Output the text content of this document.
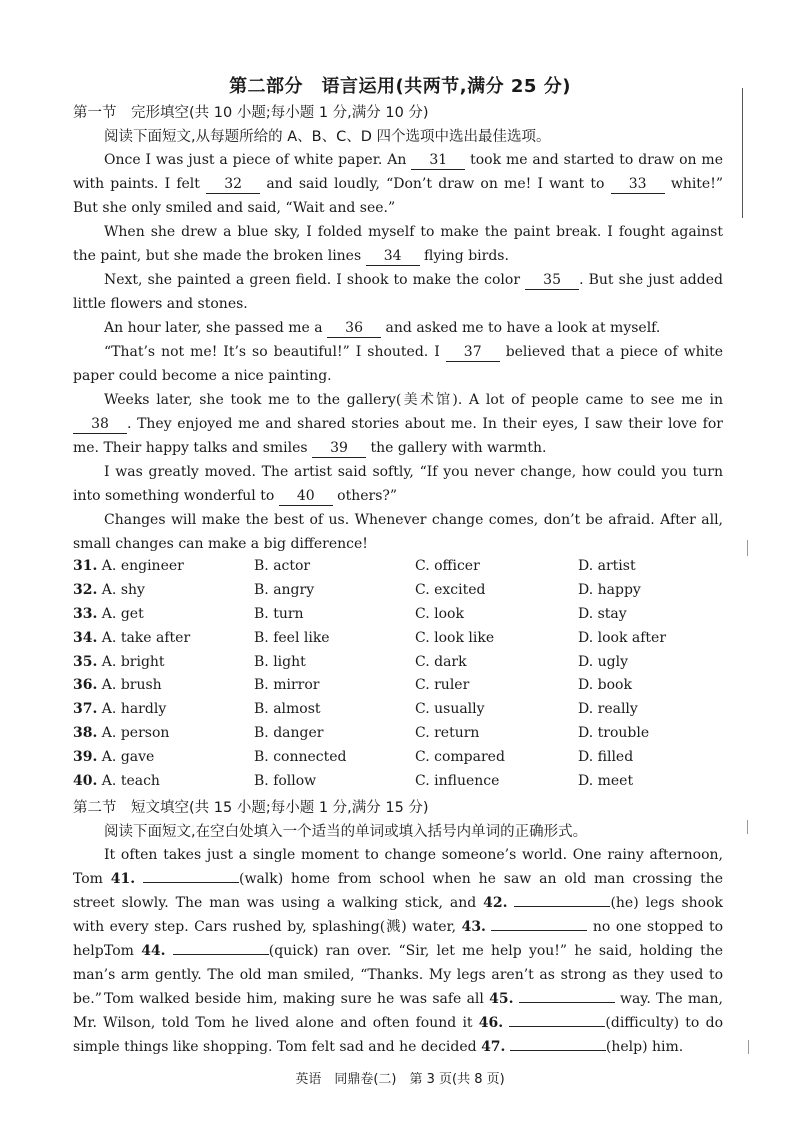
第二部分　语言运用(共两节,满分 25 分)
第一节　完形填空(共 10 小题;每小题 1 分,满分 10 分)
阅读下面短文,从每题所给的 A、B、C、D 四个选项中选出最佳选项。
Once I was just a piece of white paper. An 31 took me and started to draw on me with paints. I felt 32 and said loudly, “Don’t draw on me! I want to 33 white!” But she only smiled and said, “Wait and see.”
When she drew a blue sky, I folded myself to make the paint break. I fought against the paint, but she made the broken lines 34 flying birds.
Next, she painted a green field. I shook to make the color 35 . But she just added little flowers and stones.
An hour later, she passed me a 36 and asked me to have a look at myself.
“That’s not me! It’s so beautiful!” I shouted. I 37 believed that a piece of white paper could become a nice painting.
Weeks later, she took me to the gallery(美术馆). A lot of people came to see me in 38 . They enjoyed me and shared stories about me. In their eyes, I saw their love for me. Their happy talks and smiles 39 the gallery with warmth.
I was greatly moved. The artist said softly, “If you never change, how could you turn into something wonderful to 40 others?”
Changes will make the best of us. Whenever change comes, don’t be afraid. After all, small changes can make a big difference!
31. A. engineer	B. actor	C. officer	D. artist
32. A. shy	B. angry	C. excited	D. happy
33. A. get	B. turn	C. look	D. stay
34. A. take after	B. feel like	C. look like	D. look after
35. A. bright	B. light	C. dark	D. ugly
36. A. brush	B. mirror	C. ruler	D. book
37. A. hardly	B. almost	C. usually	D. really
38. A. person	B. danger	C. return	D. trouble
39. A. gave	B. connected	C. compared	D. filled
40. A. teach	B. follow	C. influence	D. meet
第二节　短文填空(共 15 小题;每小题 1 分,满分 15 分)
阅读下面短文,在空白处填入一个适当的单词或填入括号内单词的正确形式。
It often takes just a single moment to change someone’s world. One rainy afternoon, Tom 41.	(walk) home from school when he saw an old man crossing the street slowly. The man was using a walking stick, and 42.	(he) legs shook with every step. Cars rushed by, splashing(溅) water, 43.	no one stopped to help.
Tom 44.	(quick) ran over. “Sir, let me help you!” he said, holding the man’s arm gently. The old man smiled, “Thanks. My legs aren’t as strong as they used to be.” Tom walked beside him, making sure he was safe all 45.	way. The man, Mr. Wilson, told Tom he lived alone and often found it 46.	(difficulty) to do simple things like shopping. Tom felt sad and he decided 47.	(help) him.
英语　同鼎卷(二)　第 3 页(共 8 页)
